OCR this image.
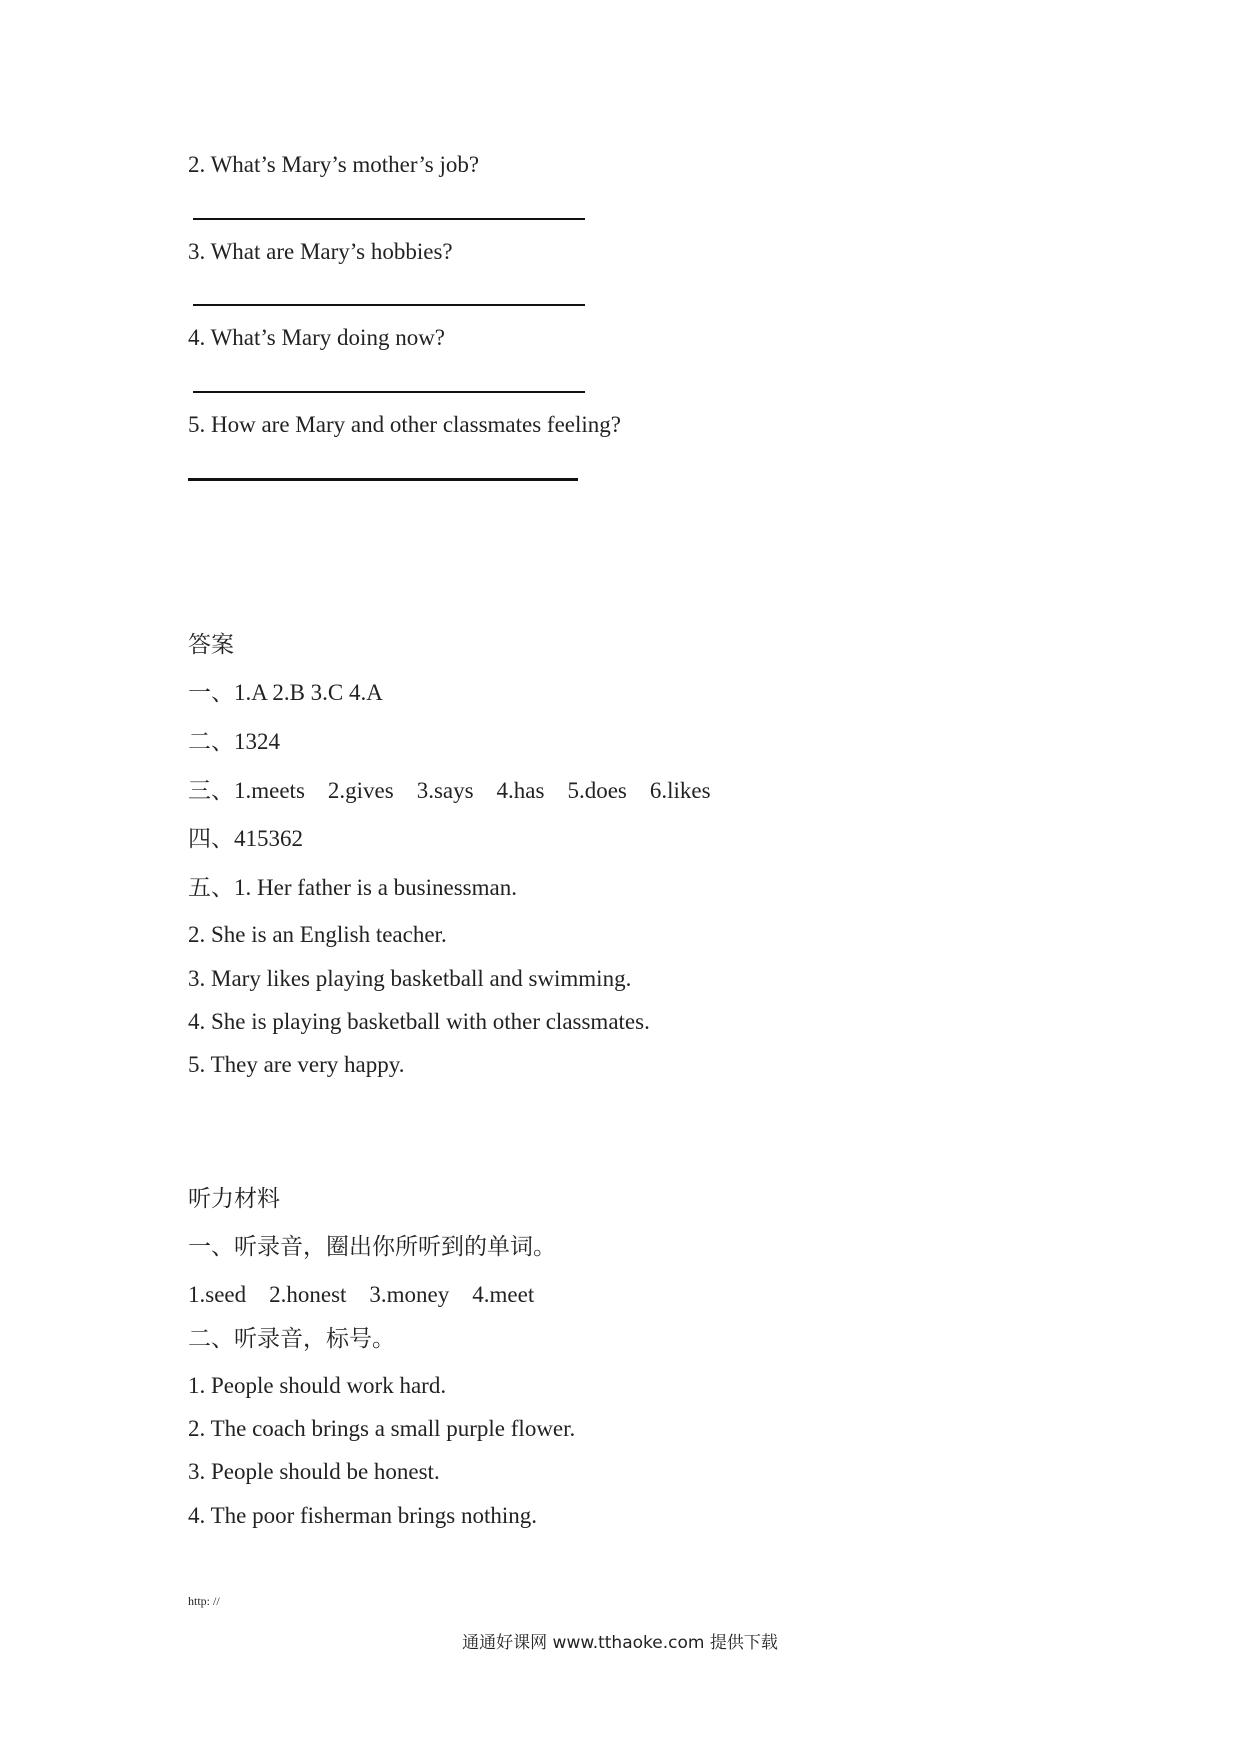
2. What’s Mary’s mother’s job?
3. What are Mary’s hobbies?
4. What’s Mary doing now?
5. How are Mary and other classmates feeling?
答案
一、1.A 2.B 3.C 4.A
二、1324
三、1.meets    2.gives    3.says    4.has    5.does    6.likes
四、415362
五、1. Her father is a businessman.
2. She is an English teacher.
3. Mary likes playing basketball and swimming.
4. She is playing basketball with other classmates.
5. They are very happy.
听力材料
一、听录音，圈出你所听到的单词。
1.seed    2.honest    3.money    4.meet
二、听录音，标号。
1. People should work hard.
2. The coach brings a small purple flower.
3. People should be honest.
4. The poor fisherman brings nothing.
http: //
通通好课网 www.tthaoke.com 提供下载
